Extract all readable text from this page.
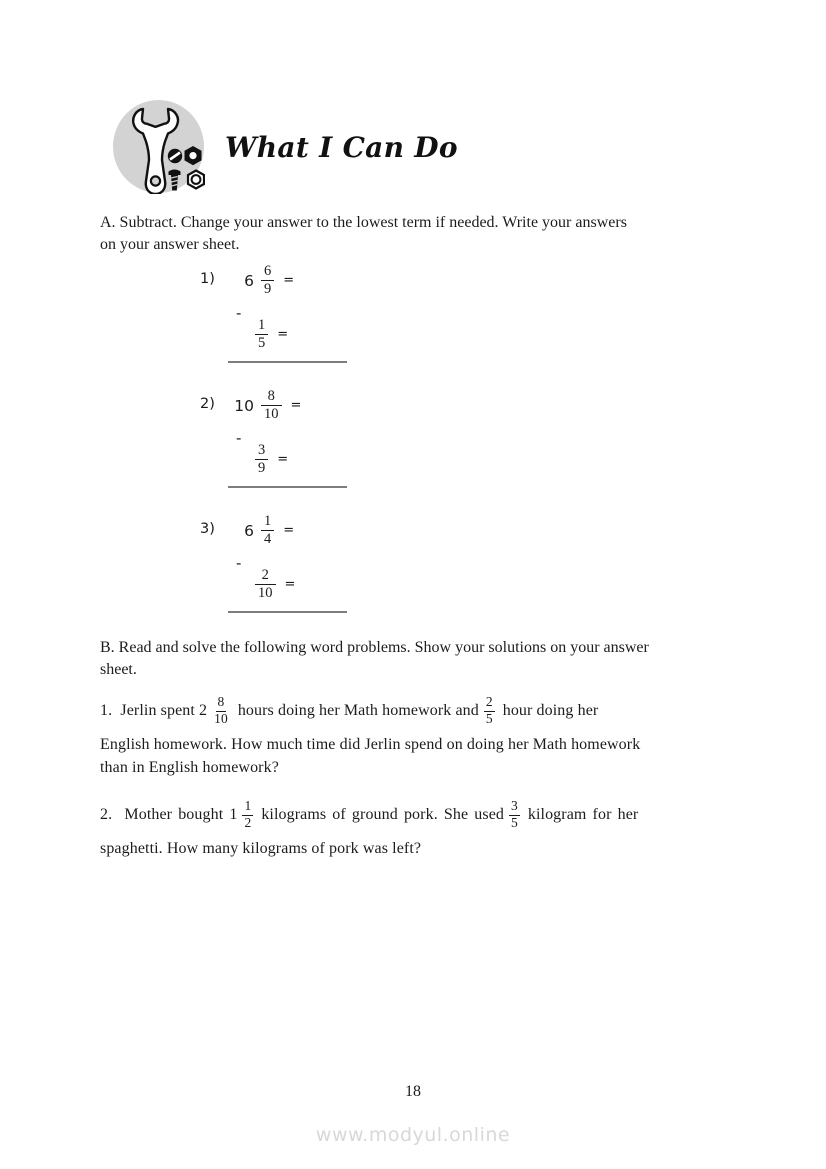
What I Can Do
A. Subtract. Change your answer to the lowest term if needed. Write your answers
on your answer sheet.
1)	$6 \frac{6}{9}$ =
-
$\frac{1}{5}$ =
2) $10 \frac{8}{10}$ =
-
$\frac{3}{9}$ =
3)	$6 \frac{1}{4}$ =
-
$\frac{2}{10}$ =
B. Read and solve the following word problems. Show your solutions on your answer
sheet.
1.  Jerlin spent $2 \frac{8}{10}$ hours doing her Math homework and $\frac{2}{5}$ hour doing her
English homework. How much time did Jerlin spend on doing her Math homework
than in English homework?
2.  Mother bought $1 \frac{1}{2}$ kilograms of ground pork. She used $\frac{3}{5}$ kilogram for her
spaghetti. How many kilograms of pork was left?
18
www.modyul.online
